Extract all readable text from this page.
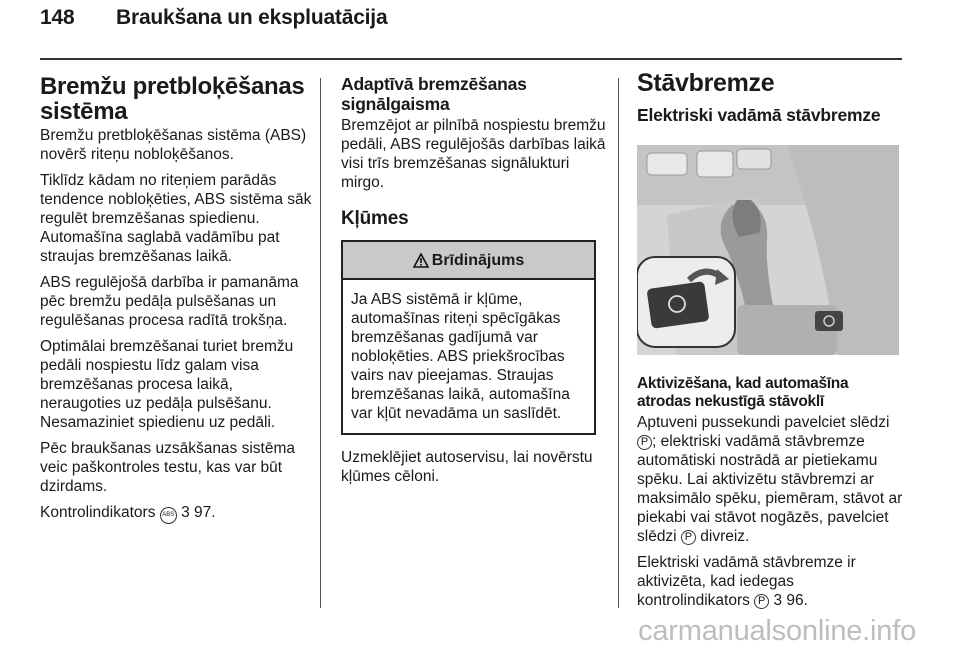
148 Braukšana un ekspluatācija
Bremžu pretbloķēšanas sistēma

Bremžu pretbloķēšanas sistēma (ABS) novērš riteņu nobloķēšanos.

Tiklīdz kādam no riteņiem parādās tendence nobloķēties, ABS sistēma sāk regulēt bremzēšanas spiedienu. Automašīna saglabā vadāmību pat straujas bremzēšanas laikā.

ABS regulējošā darbība ir pamanāma pēc bremžu pedāļa pulsēšanas un regulēšanas procesa radītā trokšņa.

Optimālai bremzēšanai turiet bremžu pedāli nospiestu līdz galam visa bremzēšanas procesa laikā, neraugoties uz pedāļa pulsēšanu. Nesamaziniet spiedienu uz pedāli.

Pēc braukšanas uzsākšanas sistēma veic paškontroles testu, kas var būt dzirdams.

Kontrolindikators ABS 3 97.

Adaptīvā bremzēšanas signālgaisma

Bremzējot ar pilnībā nospiestu bremžu pedāli, ABS regulējošās darbības laikā visi trīs bremzēšanas signālukturi mirgo.

Kļūmes
Brīdinājums
Ja ABS sistēmā ir kļūme, automašīnas riteņi spēcīgākas bremzēšanas gadījumā var nobloķēties. ABS priekšrocības vairs nav pieejamas. Straujas bremzēšanas laikā, automašīna var kļūt nevadāma un saslīdēt.

Uzmeklējiet autoservisu, lai novērstu kļūmes cēloni.

Stāvbremze
Elektriski vadāmā stāvbremze
Aktivizēšana, kad automašīna atrodas nekustīgā stāvoklī

Aptuveni pussekundi pavelciet slēdzi P ; elektriski vadāmā stāvbremze automātiski nostrādā ar pietiekamu spēku. Lai aktivizētu stāvbremzi ar maksimālo spēku, piemēram, stāvot ar piekabi vai stāvot nogāzēs, pavelciet slēdzi P divreiz.

Elektriski vadāmā stāvbremze ir aktivizēta, kad iedegas kontrolindikators P 3 96.

carmanualsonline.info
